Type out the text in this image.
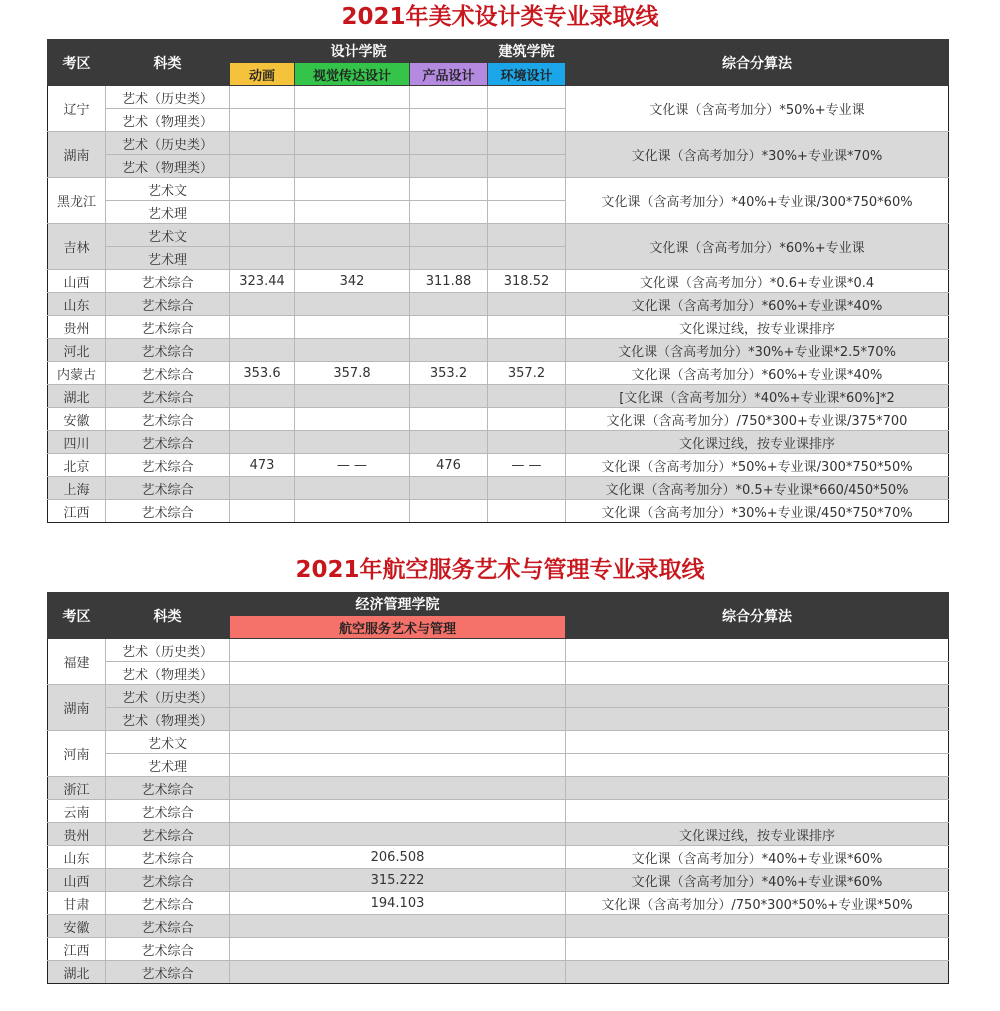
2021年美术设计类专业录取线
考区	科类	设计学院			建筑学院	综合分算法
		动画	视觉传达设计	产品设计	环境设计	
辽宁	艺术（历史类）					文化课（含高考加分）*50%+专业课
	艺术（物理类）					
湖南	艺术（历史类）					文化课（含高考加分）*30%+专业课*70%
	艺术（物理类）					
黑龙江	艺术文					文化课（含高考加分）*40%+专业课/300*750*60%
	艺术理					
吉林	艺术文					文化课（含高考加分）*60%+专业课
	艺术理					
山西	艺术综合	323.44	342	311.88	318.52	文化课（含高考加分）*0.6+专业课*0.4
山东	艺术综合					文化课（含高考加分）*60%+专业课*40%
贵州	艺术综合					文化课过线，按专业课排序
河北	艺术综合					文化课（含高考加分）*30%+专业课*2.5*70%
内蒙古	艺术综合	353.6	357.8	353.2	357.2	文化课（含高考加分）*60%+专业课*40%
湖北	艺术综合					[文化课（含高考加分）*40%+专业课*60%]*2
安徽	艺术综合					文化课（含高考加分）/750*300+专业课/375*700
四川	艺术综合					文化课过线，按专业课排序
北京	艺术综合	473	— —	476	— —	文化课（含高考加分）*50%+专业课/300*750*50%
上海	艺术综合					文化课（含高考加分）*0.5+专业课*660/450*50%
江西	艺术综合					文化课（含高考加分）*30%+专业课/450*750*70%
2021年航空服务艺术与管理专业录取线
考区	科类	经济管理学院	综合分算法
		航空服务艺术与管理	
福建	艺术（历史类）		
	艺术（物理类）		
湖南	艺术（历史类）		
	艺术（物理类）		
河南	艺术文		
	艺术理		
浙江	艺术综合		
云南	艺术综合		
贵州	艺术综合		文化课过线，按专业课排序
山东	艺术综合	206.508	文化课（含高考加分）*40%+专业课*60%
山西	艺术综合	315.222	文化课（含高考加分）*40%+专业课*60%
甘肃	艺术综合	194.103	文化课（含高考加分）/750*300*50%+专业课*50%
安徽	艺术综合		
江西	艺术综合		
湖北	艺术综合		
